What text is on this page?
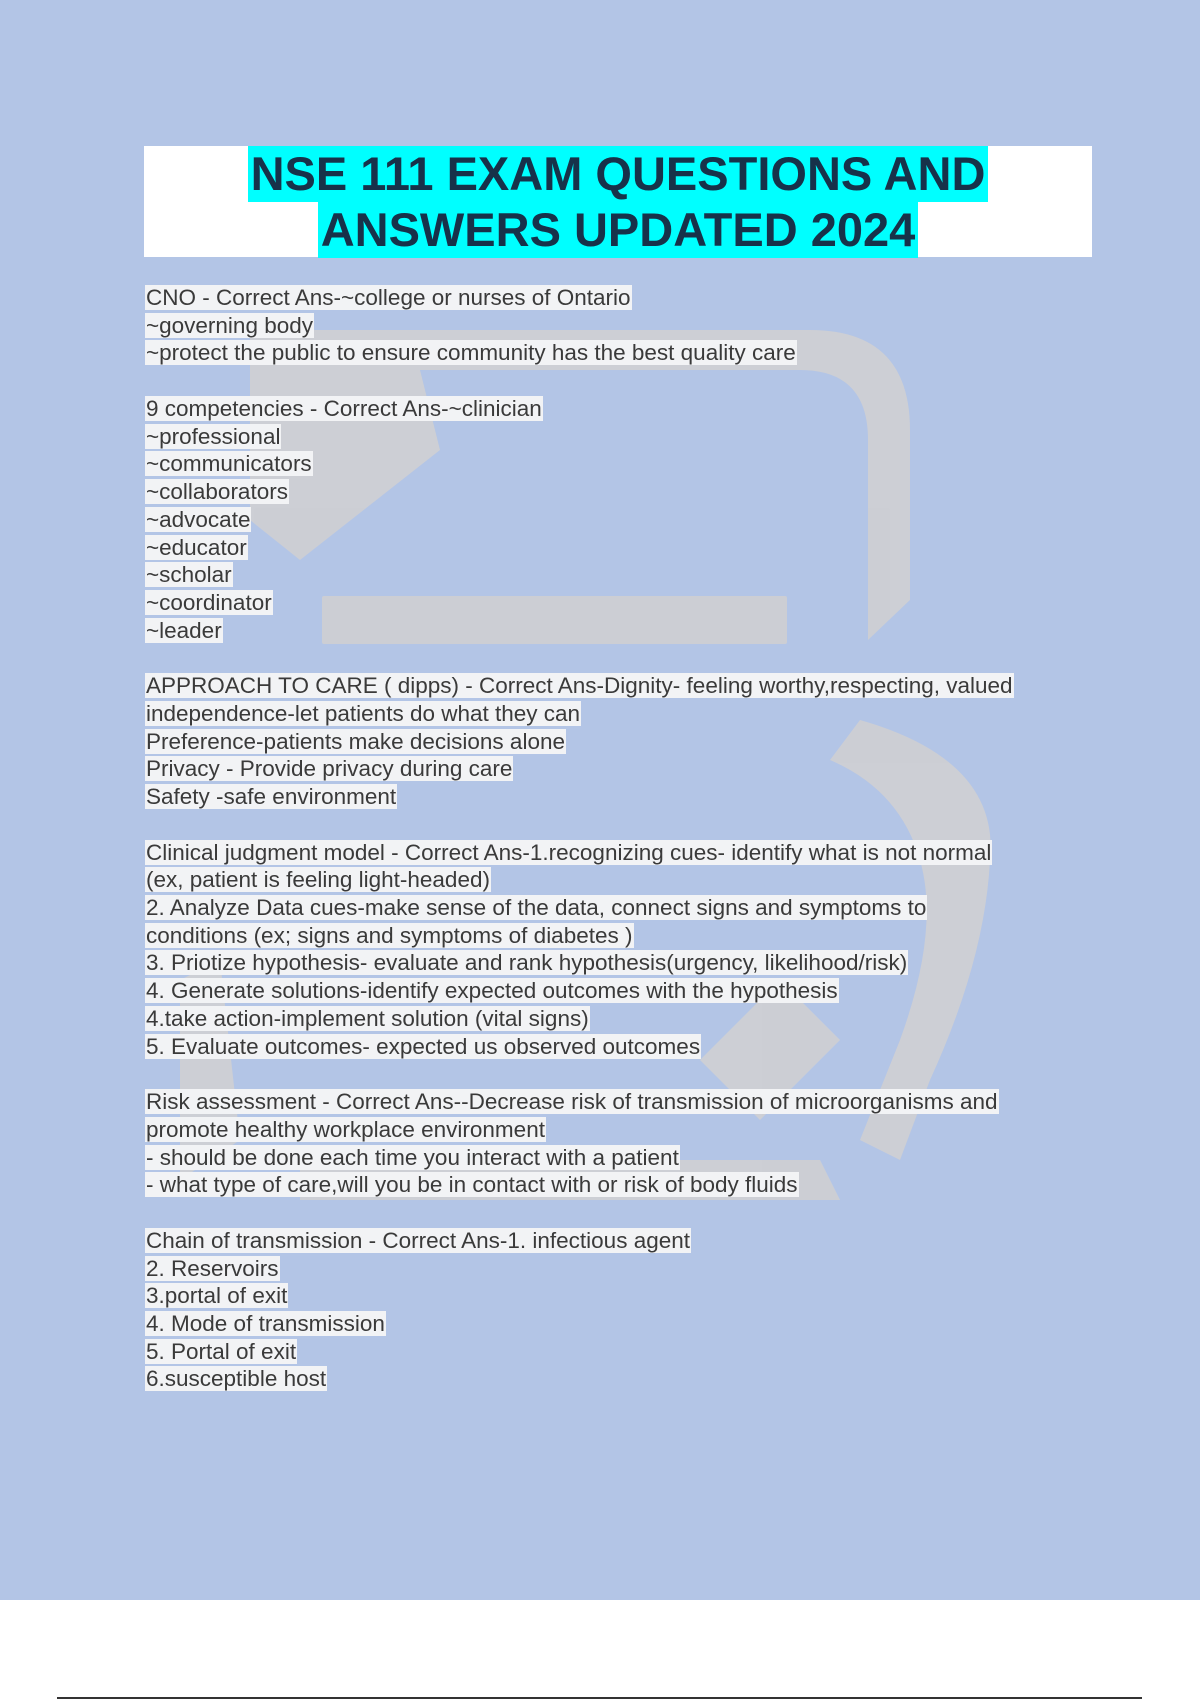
NSE 111 EXAM QUESTIONS AND
ANSWERS UPDATED 2024
CNO - Correct Ans-~college or nurses of Ontario
~governing body
~protect the public to ensure community has the best quality care
9 competencies - Correct Ans-~clinician
~professional
~communicators
~collaborators
~advocate
~educator
~scholar
~coordinator
~leader
APPROACH TO CARE ( dipps) - Correct Ans-Dignity- feeling worthy,respecting, valued
independence-let patients do what they can
Preference-patients make decisions alone
Privacy - Provide privacy during care
Safety -safe environment
Clinical judgment model - Correct Ans-1.recognizing cues- identify what is not normal
(ex, patient is feeling light-headed)
2. Analyze Data cues-make sense of the data, connect signs and symptoms to
conditions (ex; signs and symptoms of diabetes )
3. Priotize hypothesis- evaluate and rank hypothesis(urgency, likelihood/risk)
4. Generate solutions-identify expected outcomes with the hypothesis
4.take action-implement solution (vital signs)
5. Evaluate outcomes- expected us observed outcomes
Risk assessment - Correct Ans--Decrease risk of transmission of microorganisms and
promote healthy workplace environment
- should be done each time you interact with a patient
- what type of care,will you be in contact with or risk of body fluids
Chain of transmission - Correct Ans-1. infectious agent
2. Reservoirs
3.portal of exit
4. Mode of transmission
5. Portal of exit
6.susceptible host
